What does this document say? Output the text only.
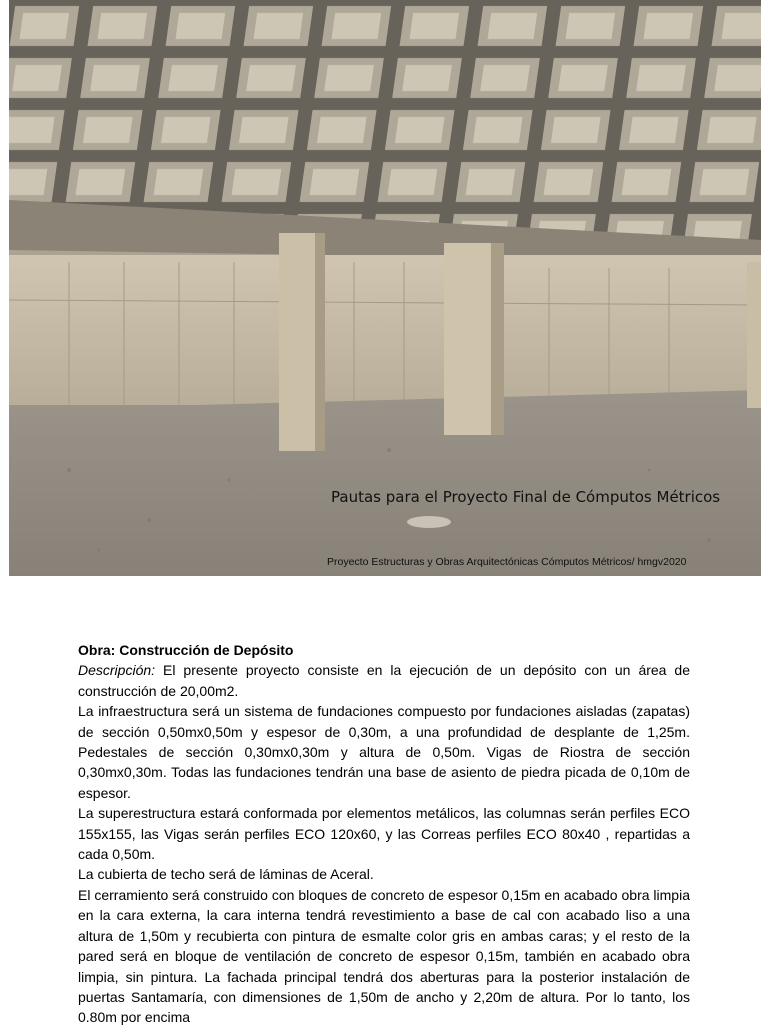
Pautas para el Proyecto Final de Cómputos Métricos
Proyecto Estructuras y Obras Arquitectónicas Cómputos Métricos/ hmgv2020

Obra: Construcción de Depósito

Descripción: El presente proyecto consiste en la ejecución de un depósito con un área de construcción de 20,00m2.

La infraestructura será un sistema de fundaciones compuesto por fundaciones aisladas (zapatas) de sección 0,50mx0,50m y espesor de 0,30m, a una profundidad de desplante de 1,25m. Pedestales de sección 0,30mx0,30m y altura de 0,50m. Vigas de Riostra de sección 0,30mx0,30m. Todas las fundaciones tendrán una base de asiento de piedra picada de 0,10m de espesor.

La superestructura estará conformada por elementos metálicos, las columnas serán perfiles ECO 155x155, las Vigas serán perfiles ECO 120x60, y las Correas perfiles ECO 80x40 , repartidas a cada 0,50m.

La cubierta de techo será de láminas de Aceral.

El cerramiento será construido con bloques de concreto de espesor 0,15m en acabado obra limpia en la cara externa, la cara interna tendrá revestimiento a base de cal con acabado liso a una altura de 1,50m y recubierta con pintura de esmalte color gris en ambas caras; y el resto de la pared será en bloque de ventilación de concreto de espesor 0,15m, también en acabado obra limpia, sin pintura. La fachada principal tendrá dos aberturas para la posterior instalación de puertas Santamaría, con dimensiones de 1,50m de ancho y 2,20m de altura. Por lo tanto, los 0.80m por encima
